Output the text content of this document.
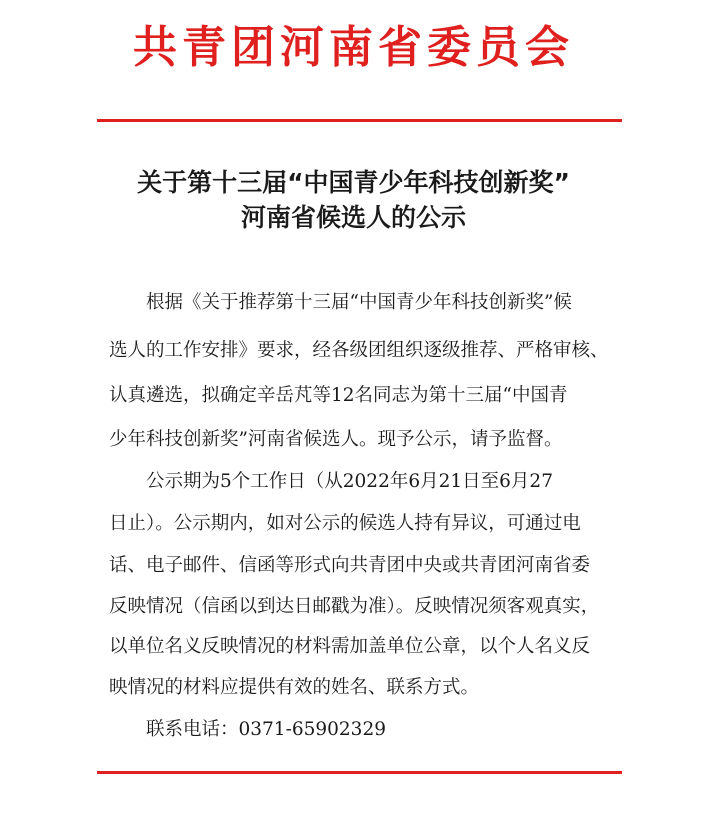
共青团河南省委员会
关于第十三届“中国青少年科技创新奖”
河南省候选人的公示
根据《关于推荐第十三届“中国青少年科技创新奖”候
选人的工作安排》要求，经各级团组织逐级推荐、严格审核、
认真遴选，拟确定辛岳芃等12名同志为第十三届“中国青
少年科技创新奖”河南省候选人。现予公示，请予监督。
公示期为5个工作日（从2022年6月21日至6月27
日止）。公示期内，如对公示的候选人持有异议，可通过电
话、电子邮件、信函等形式向共青团中央或共青团河南省委
反映情况（信函以到达日邮戳为准）。反映情况须客观真实，
以单位名义反映情况的材料需加盖单位公章，以个人名义反
映情况的材料应提供有效的姓名、联系方式。
联系电话：0371-65902329
